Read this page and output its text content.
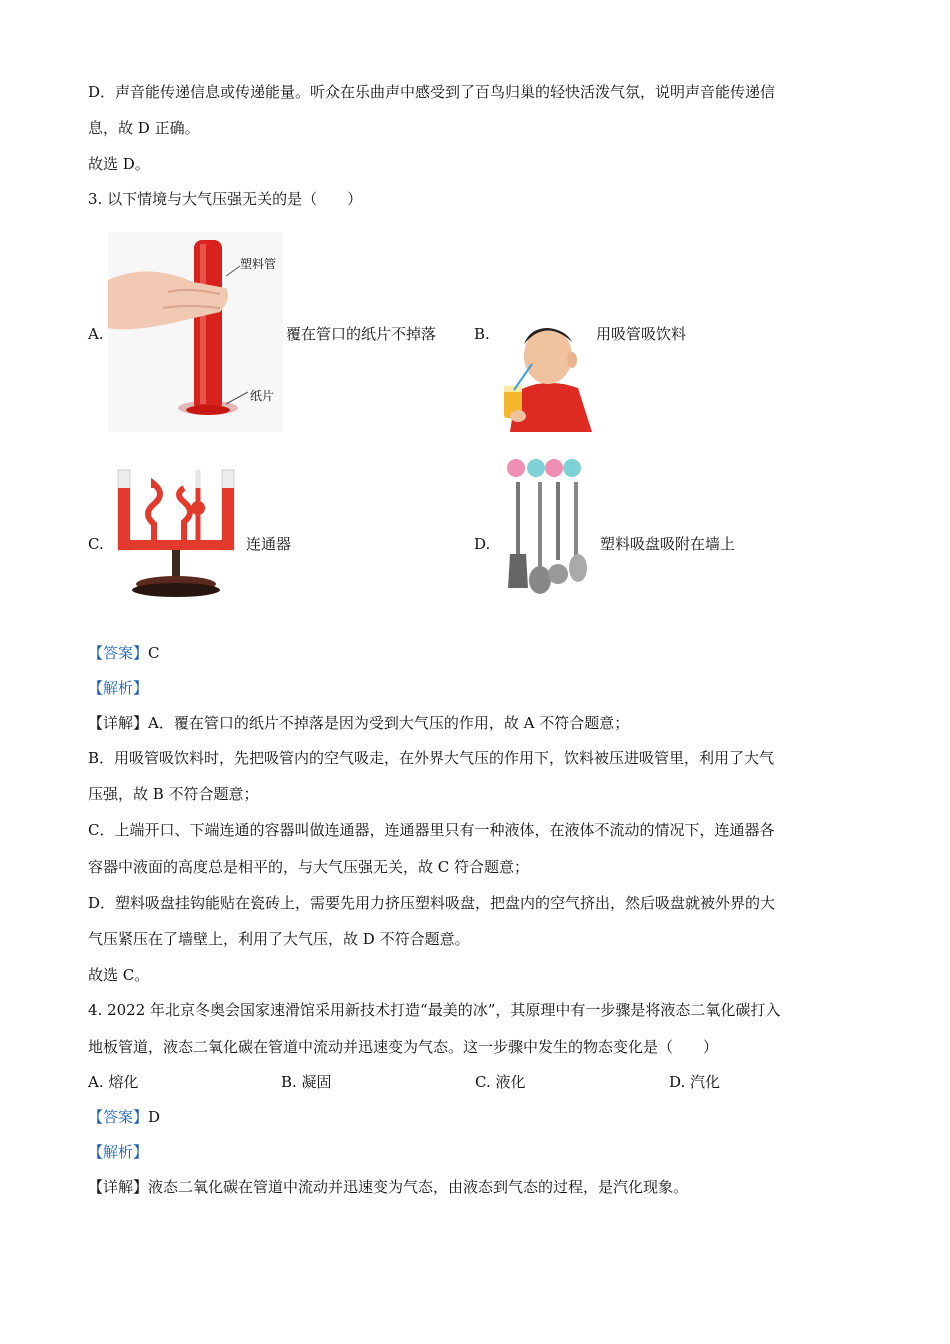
D．声音能传递信息或传递能量。听众在乐曲声中感受到了百鸟归巢的轻快活泼气氛，说明声音能传递信
息，故 D 正确。
故选 D。
3. 以下情境与大气压强无关的是（　　）
A.
塑料管
纸片
覆在管口的纸片不掉落	B.	用吸管吸饮料
C.	连通器	D.	塑料吸盘吸附在墙上
【答案】C
【解析】
【详解】A．覆在管口的纸片不掉落是因为受到大气压的作用，故 A 不符合题意；
B．用吸管吸饮料时，先把吸管内的空气吸走，在外界大气压的作用下，饮料被压进吸管里，利用了大气
压强，故 B 不符合题意；
C．上端开口、下端连通的容器叫做连通器，连通器里只有一种液体，在液体不流动的情况下，连通器各
容器中液面的高度总是相平的，与大气压强无关，故 C 符合题意；
D．塑料吸盘挂钩能贴在瓷砖上，需要先用力挤压塑料吸盘，把盘内的空气挤出，然后吸盘就被外界的大
气压紧压在了墙壁上，利用了大气压，故 D 不符合题意。
故选 C。
4. 2022 年北京冬奥会国家速滑馆采用新技术打造“最美的冰”，其原理中有一步骤是将液态二氧化碳打入
地板管道，液态二氧化碳在管道中流动并迅速变为气态。这一步骤中发生的物态变化是（　　）
A. 熔化	B. 凝固	C. 液化	D. 汽化
【答案】D
【解析】
【详解】液态二氧化碳在管道中流动并迅速变为气态，由液态到气态的过程，是汽化现象。
